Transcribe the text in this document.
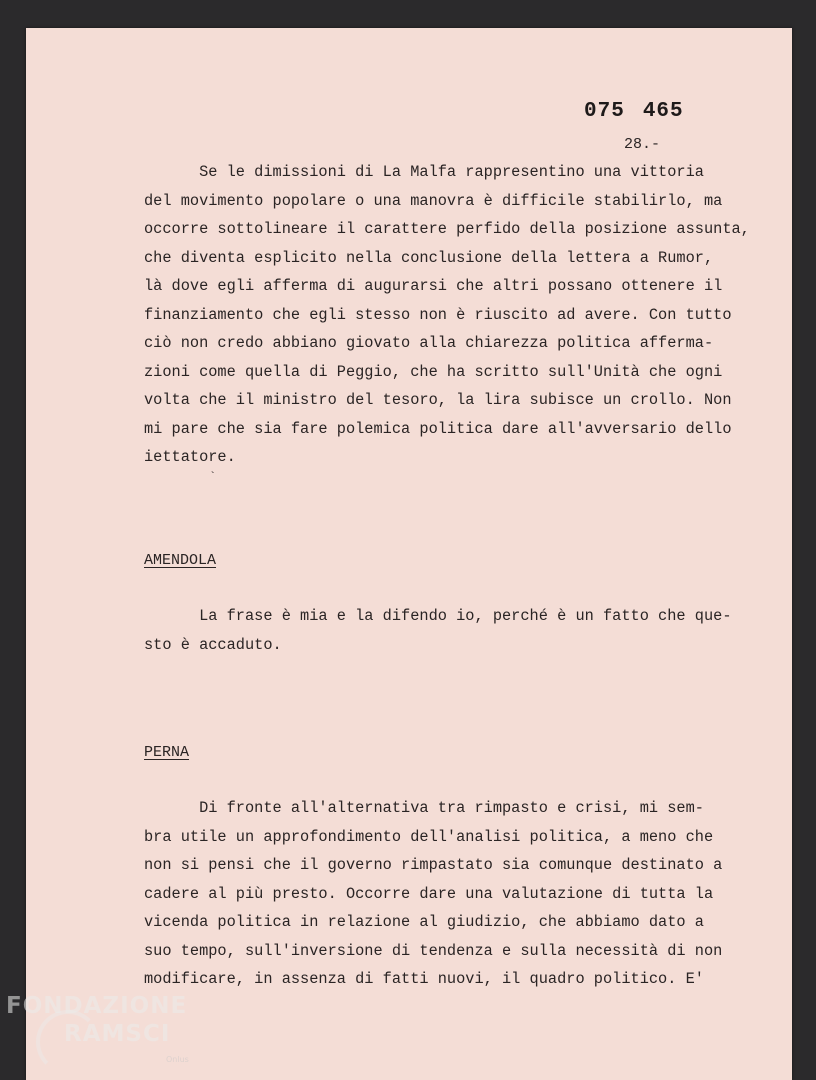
075 465
28.-
Se le dimissioni di La Malfa rappresentino una vittoria
del movimento popolare o una manovra è difficile stabilirlo, ma
occorre sottolineare il carattere perfido della posizione assunta,
che diventa esplicito nella conclusione della lettera a Rumor,
là dove egli afferma di augurarsi che altri possano ottenere il
finanziamento che egli stesso non è riuscito ad avere. Con tutto
ciò non credo abbiano giovato alla chiarezza politica afferma-
zioni come quella di Peggio, che ha scritto sull'Unità che ogni
volta che il ministro del tesoro, la lira subisce un crollo. Non
mi pare che sia fare polemica politica dare all'avversario dello
iettatore.
`
AMENDOLA
La frase è mia e la difendo io, perché è un fatto che que-
sto è accaduto.
PERNA
Di fronte all'alternativa tra rimpasto e crisi, mi sem-
bra utile un approfondimento dell'analisi politica, a meno che
non si pensi che il governo rimpastato sia comunque destinato a
cadere al più presto. Occorre dare una valutazione di tutta la
vicenda politica in relazione al giudizio, che abbiamo dato a
suo tempo, sull'inversione di tendenza e sulla necessità di non
modificare, in assenza di fatti nuovi, il quadro politico. E'
FONDAZIONE
RAMSCI
Onlus
